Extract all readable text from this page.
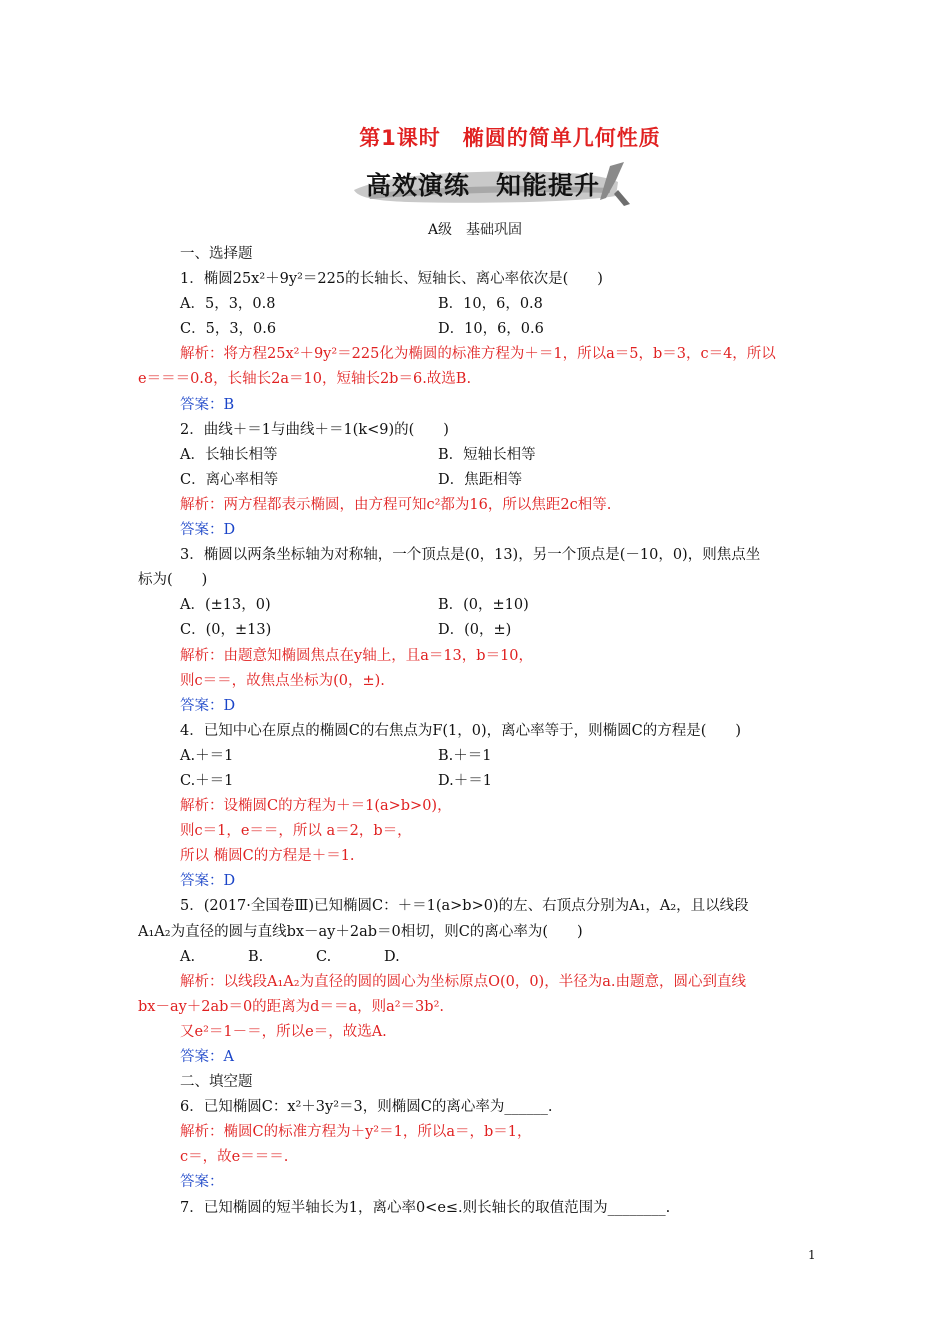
第1课时　椭圆的简单几何性质
高效演练　知能提升
A级　基础巩固
一、选择题
1．椭圆25x²＋9y²＝225的长轴长、短轴长、离心率依次是(　　)
A．5，3，0.8	B．10，6，0.8
C．5，3，0.6	D．10，6，0.6
解析：将方程25x²＋9y²＝225化为椭圆的标准方程为＋＝1，所以a＝5，b＝3，c＝4，所以
e＝＝＝0.8，长轴长2a＝10，短轴长2b＝6.故选B.
答案：B
2．曲线＋＝1与曲线＋＝1(k<9)的(　　)
A．长轴长相等	B．短轴长相等
C．离心率相等	D．焦距相等
解析：两方程都表示椭圆，由方程可知c²都为16，所以焦距2c相等.
答案：D
3．椭圆以两条坐标轴为对称轴，一个顶点是(0，13)，另一个顶点是(－10，0)，则焦点坐
标为(　　)
A．(±13，0)	B．(0，±10)
C．(0，±13)	D．(0，±)
解析：由题意知椭圆焦点在y轴上，且a＝13，b＝10，
则c＝＝，故焦点坐标为(0，±).
答案：D
4．已知中心在原点的椭圆C的右焦点为F(1，0)，离心率等于，则椭圆C的方程是(　　)
A.＋＝1	B.＋＝1
C.＋＝1	D.＋＝1
解析：设椭圆C的方程为＋＝1(a>b>0)，
则c＝1，e＝＝，所以 a＝2，b＝，
所以 椭圆C的方程是＋＝1.
答案：D
5．(2017·全国卷Ⅲ)已知椭圆C：＋＝1(a>b>0)的左、右顶点分别为A₁，A₂，且以线段
A₁A₂为直径的圆与直线bx－ay＋2ab＝0相切，则C的离心率为(　　)
A.	B.	C.	D.
解析：以线段A₁A₂为直径的圆的圆心为坐标原点O(0，0)，半径为a.由题意，圆心到直线
bx－ay＋2ab＝0的距离为d＝＝a，则a²＝3b².
又e²＝1－＝，所以e＝，故选A.
答案：A
二、填空题
6．已知椭圆C：x²＋3y²＝3，则椭圆C的离心率为______.
解析：椭圆C的标准方程为＋y²＝1，所以a＝，b＝1，
c＝，故e＝＝＝.
答案：
7．已知椭圆的短半轴长为1，离心率0<e≤.则长轴长的取值范围为________.
1
